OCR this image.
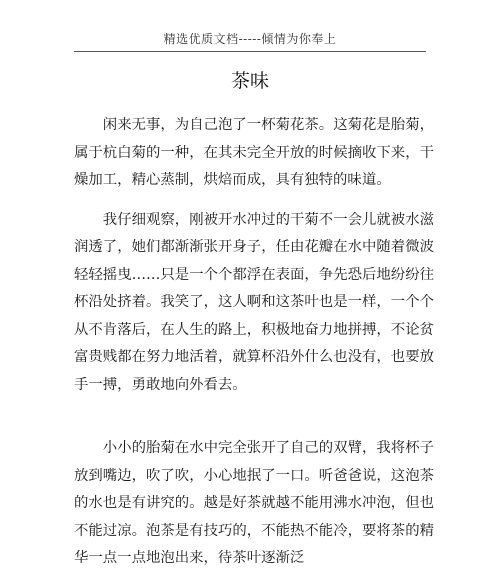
精选优质文档-----倾情为你奉上
茶味

闲来无事，为自己泡了一杯菊花茶。这菊花是胎菊，属于杭白菊的一种，在其未完全开放的时候摘收下来，干燥加工，精心蒸制，烘焙而成，具有独特的味道。

我仔细观察，刚被开水冲过的干菊不一会儿就被水滋润透了，她们都渐渐张开身子，任由花瓣在水中随着微波轻轻摇曳……只是一个个都浮在表面，争先恐后地纷纷往杯沿处挤着。我笑了，这人啊和这茶叶也是一样，一个个从不肯落后，在人生的路上，积极地奋力地拼搏，不论贫富贵贱都在努力地活着，就算杯沿外什么也没有，也要放手一搏，勇敢地向外看去。

小小的胎菊在水中完全张开了自己的双臂，我将杯子放到嘴边，吹了吹，小心地抿了一口。听爸爸说，这泡茶的水也是有讲究的。越是好茶就越不能用沸水冲泡，但也不能过凉。泡茶是有技巧的，不能热不能冷，要将茶的精华一点一点地泡出来，待茶叶逐渐泛
